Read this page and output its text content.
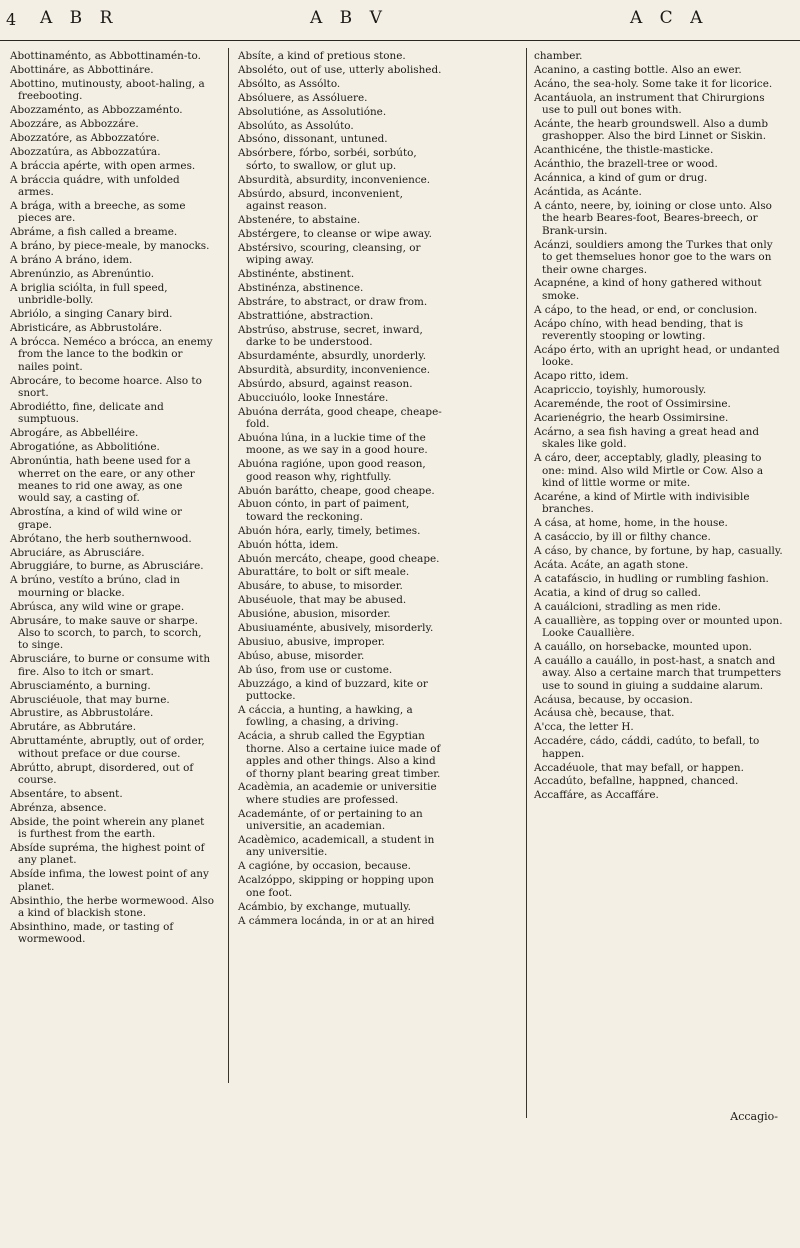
4 A B R	A B V	A C A
Abottinaménto, as Abbottinamén-to.
Abottináre, as Abbottináre.
Abottino, mutinousty, aboot-haling, a freebooting.
Abozzaménto, as Abbozzaménto.
Abozzáre, as Abbozzáre.
Abozzatóre, as Abbozzatóre.
Abozzatúra, as Abbozzatúra.
A bráccia apérte, with open armes.
A bráccia quádre, with unfolded armes.
A brága, with a breeche, as some pieces are.
Abráme, a fish called a breame.
A bráno, by piece-meale, by manocks.
A bráno A bráno, idem.
Abrenúnzio, as Abrenúntio.
A briglia sciólta, in full speed, unbridle-bolly.
Abriólo, a singing Canary bird.
Abristicáre, as Abbrustoláre.
A brócca. Neméco a brócca, an enemy from the lance to the bodkin or nailes point.
Abrocáre, to become hoarce. Also to snort.
Abrodiétto, fine, delicate and sumptuous.
Abrogáre, as Abbelléire.
Abrogatióne, as Abbolitióne.
Abronúntia, hath beene used for a wherret on the eare, or any other meanes to rid one away, as one would say, a casting of.
Abrostína, a kind of wild wine or grape.
Abrótano, the herb southernwood.
Abruciáre, as Abrusciáre.
Abruggiáre, to burne, as Abrusciáre.
A brúno, vestíto a brúno, clad in mourning or blacke.
Abrúsca, any wild wine or grape.
Abrusáre, to make sauve or sharpe. Also to scorch, to parch, to scorch, to singe.
Abrusciáre, to burne or consume with fire. Also to itch or smart.
Abrusciaménto, a burning.
Abrusciéuole, that may burne.
Abrustire, as Abbrustoláre.
Abrutáre, as Abbrutáre.
Abruttaménte, abruptly, out of order, without preface or due course.
Abrútto, abrupt, disordered, out of course.
Absentáre, to absent.
Abrénza, absence.
Abside, the point wherein any planet is furthest from the earth.
Absíde supréma, the highest point of any planet.
Absíde infima, the lowest point of any planet.
Absinthio, the herbe wormewood. Also a kind of blackish stone.
Absinthino, made, or tasting of wormewood.
Absíte, a kind of pretious stone.
Absoléto, out of use, utterly abolished.
Absólto, as Assólto.
Absóluere, as Assóluere.
Absolutióne, as Assolutióne.
Absolúto, as Assolúto.
Absóno, dissonant, untuned.
Absórbere, fórbo, sorbéi, sorbúto, sórto, to swallow, or glut up.
Absurdità, absurdity, inconvenience.
Absúrdo, absurd, inconvenient, against reason.
Abstenére, to abstaine.
Abstérgere, to cleanse or wipe away.
Abstérsivo, scouring, cleansing, or wiping away.
Abstinénte, abstinent.
Abstinénza, abstinence.
Abstráre, to abstract, or draw from.
Abstrattióne, abstraction.
Abstrúso, abstruse, secret, inward, darke to be understood.
Absurdaménte, absurdly, unorderly.
Absurdità, absurdity, inconvenience.
Absúrdo, absurd, against reason.
Abucciuólo, looke Innestáre.
Abuóna derráta, good cheape, cheape-fold.
Abuóna lúna, in a luckie time of the moone, as we say in a good houre.
Abuóna ragióne, upon good reason, good reason why, rightfully.
Abuón barátto, cheape, good cheape.
Abuon cónto, in part of paiment, toward the reckoning.
Abuón hóra, early, timely, betimes.
Abuón hótta, idem.
Abuón mercáto, cheape, good cheape.
Aburattáre, to bolt or sift meale.
Abusáre, to abuse, to misorder.
Abuséuole, that may be abused.
Abusióne, abusion, misorder.
Abusiuaménte, abusively, misorderly.
Abusiuo, abusive, improper.
Abúso, abuse, misorder.
Ab úso, from use or custome.
Abuzzágo, a kind of buzzard, kite or puttocke.
A cáccia, a hunting, a hawking, a fowling, a chasing, a driving.
Acácia, a shrub called the Egyptian thorne. Also a certaine iuice made of apples and other things. Also a kind of thorny plant bearing great timber.
Acadèmia, an academie or universitie where studies are professed.
Academánte, of or pertaining to an universitie, an academian.
Acadèmico, academicall, a student in any universitie.
A cagióne, by occasion, because.
Acalzóppo, skipping or hopping upon one foot.
Acámbio, by exchange, mutually.
A cámmera locánda, in or at an hired
chamber.
Acanino, a casting bottle. Also an ewer.
Acáno, the sea-holy. Some take it for licorice.
Acantáuola, an instrument that Chirurgions use to pull out bones with.
Acánte, the hearb groundswell. Also a dumb grashopper. Also the bird Linnet or Siskin.
Acanthicéne, the thistle-masticke.
Acánthio, the brazell-tree or wood.
Acánnica, a kind of gum or drug.
Acántida, as Acánte.
A cánto, neere, by, ioining or close unto. Also the hearb Beares-foot, Beares-breech, or Brank-ursin.
Acánzi, souldiers among the Turkes that only to get themselues honor goe to the wars on their owne charges.
Acapnéne, a kind of hony gathered without smoke.
A cápo, to the head, or end, or conclusion.
Acápo chíno, with head bending, that is reverently stooping or lowting.
Acápo érto, with an upright head, or undanted looke.
Acapo ritto, idem.
Acapriccio, toyishly, humorously.
Acareménde, the root of Ossimirsine.
Acarienégrio, the hearb Ossimirsine.
Acárno, a sea fish having a great head and skales like gold.
A cáro, deer, acceptably, gladly, pleasing to one: mind. Also wild Mirtle or Cow. Also a kind of little worme or mite.
Acaréne, a kind of Mirtle with indivisible branches.
A cása, at home, home, in the house.
A casáccio, by ill or filthy chance.
A cáso, by chance, by fortune, by hap, casually.
Acáta. Acáte, an agath stone.
A catafáscio, in hudling or rumbling fashion.
Acatia, a kind of drug so called.
A cauálcioni, stradling as men ride.
A cauallière, as topping over or mounted upon. Looke Cauallière.
A cauállo, on horsebacke, mounted upon.
A cauállo a cauállo, in post-hast, a snatch and away. Also a certaine march that trumpetters use to sound in giuing a suddaine alarum.
Acáusa, because, by occasion.
Acáusa chè, because, that.
A'cca, the letter H.
Accadére, cádo, cáddi, cadúto, to befall, to happen.
Accadéuole, that may befall, or happen.
Accadúto, befallne, happned, chanced.
Accaffáre, as Accaffáre.
Accagio-
